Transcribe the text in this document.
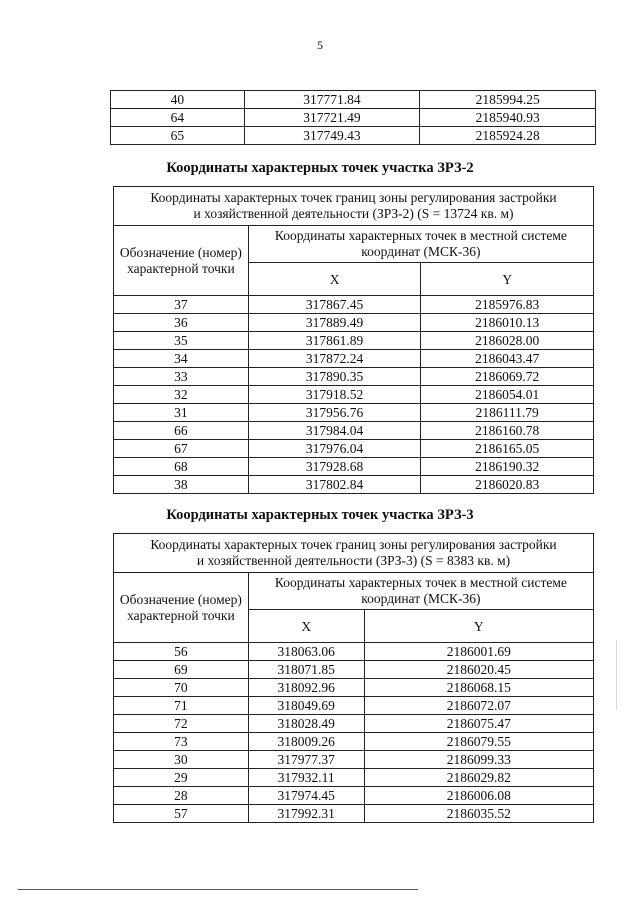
5
40	317771.84	2185994.25
64	317721.49	2185940.93
65	317749.43	2185924.28
Координаты характерных точек участка ЗРЗ-2
Координаты характерных точек границ зоны регулирования застройки
и хозяйственной деятельности (ЗРЗ-2) (S = 13724 кв. м)		
Обозначение (номер) характерной точки	Координаты характерных точек в местной системе координат (МСК-36)	
	X	Y
37	317867.45	2185976.83
36	317889.49	2186010.13
35	317861.89	2186028.00
34	317872.24	2186043.47
33	317890.35	2186069.72
32	317918.52	2186054.01
31	317956.76	2186111.79
66	317984.04	2186160.78
67	317976.04	2186165.05
68	317928.68	2186190.32
38	317802.84	2186020.83
Координаты характерных точек участка ЗРЗ-3
Координаты характерных точек границ зоны регулирования застройки
и хозяйственной деятельности (ЗРЗ-3) (S = 8383 кв. м)		
Обозначение (номер) характерной точки	Координаты характерных точек в местной системе координат (МСК-36)	
	X	Y
56	318063.06	2186001.69
69	318071.85	2186020.45
70	318092.96	2186068.15
71	318049.69	2186072.07
72	318028.49	2186075.47
73	318009.26	2186079.55
30	317977.37	2186099.33
29	317932.11	2186029.82
28	317974.45	2186006.08
57	317992.31	2186035.52
